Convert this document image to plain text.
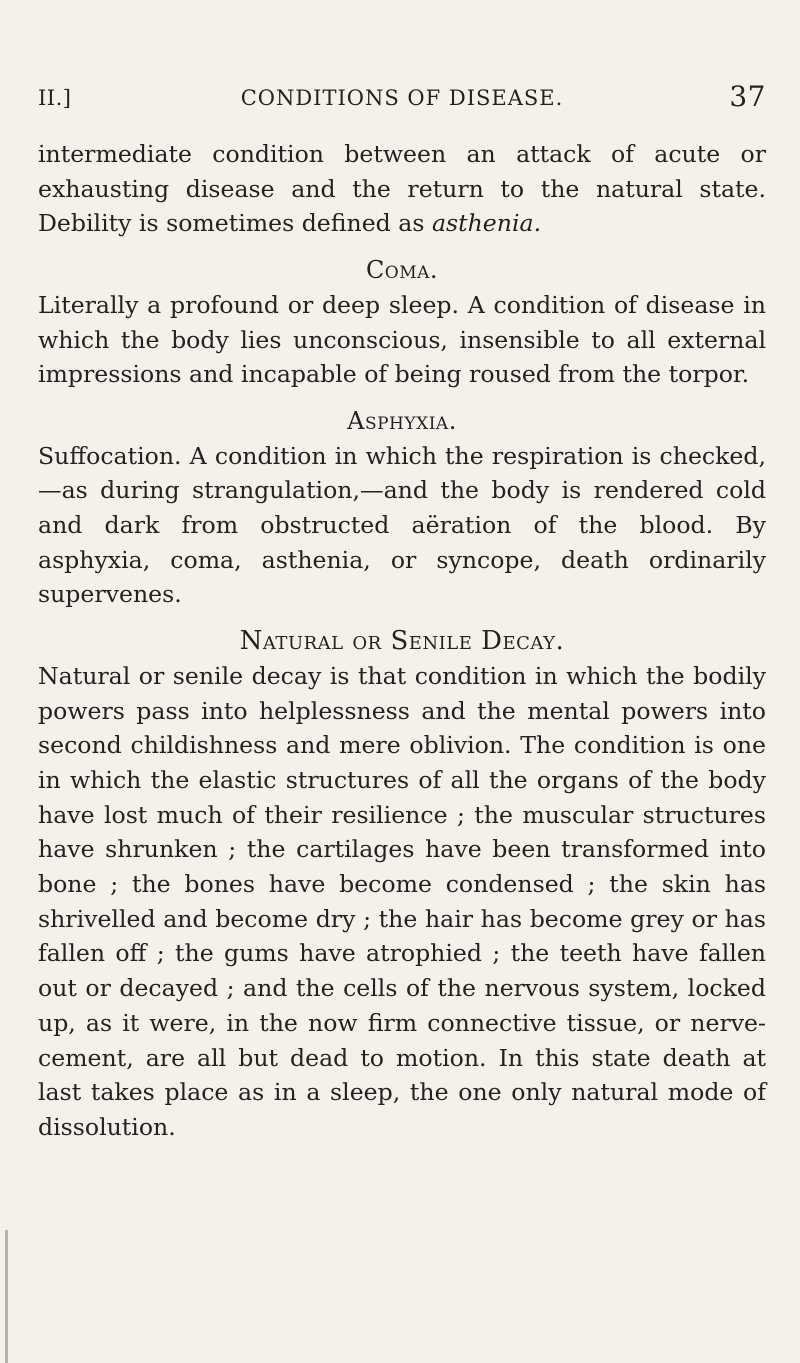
II.]	CONDITIONS OF DISEASE.	37

intermediate condition between an attack of acute or exhausting disease and the return to the natural state. Debility is sometimes defined as asthenia.

Coma.

Literally a profound or deep sleep. A condition of disease in which the body lies unconscious, insensible to all external impressions and incapable of being roused from the torpor.

Asphyxia.

Suffocation. A condition in which the respiration is checked,—as during strangulation,—and the body is rendered cold and dark from obstructed aëration of the blood. By asphyxia, coma, asthenia, or syncope, death ordinarily supervenes.

Natural or Senile Decay.

Natural or senile decay is that condition in which the bodily powers pass into helplessness and the mental powers into second childishness and mere oblivion. The condition is one in which the elastic structures of all the organs of the body have lost much of their resilience ; the muscular structures have shrunken ; the cartilages have been transformed into bone ; the bones have become condensed ; the skin has shrivelled and become dry ; the hair has become grey or has fallen off ; the gums have atrophied ; the teeth have fallen out or decayed ; and the cells of the nervous system, locked up, as it were, in the now firm connective tissue, or nerve-cement, are all but dead to motion. In this state death at last takes place as in a sleep, the one only natural mode of dissolution.
